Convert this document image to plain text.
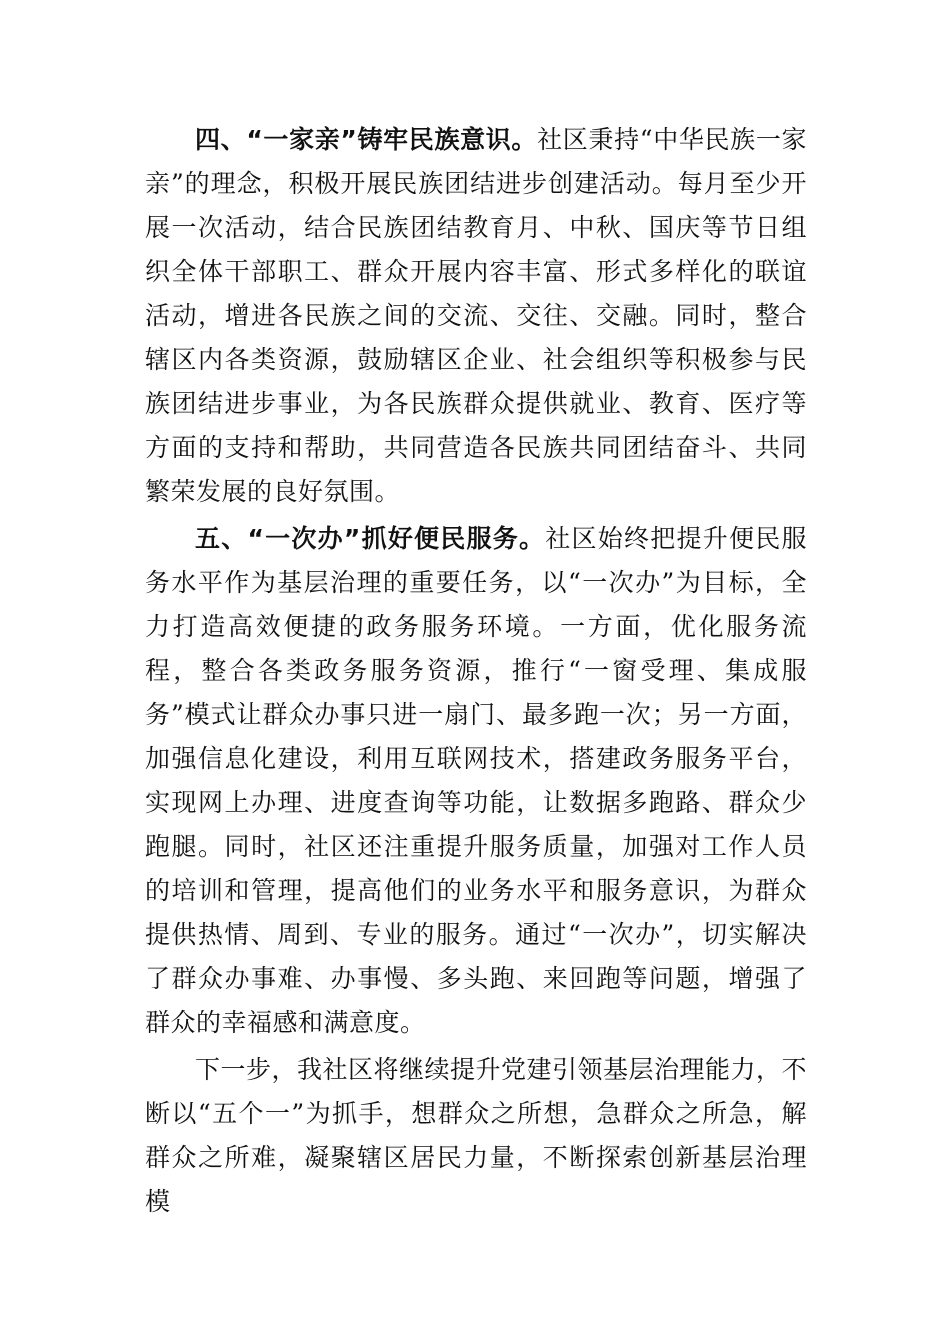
四、“一家亲”铸牢民族意识。社区秉持“中华民族一家亲”的理念，积极开展民族团结进步创建活动。每月至少开展一次活动，结合民族团结教育月、中秋、国庆等节日组织全体干部职工、群众开展内容丰富、形式多样化的联谊活动，增进各民族之间的交流、交往、交融。同时，整合辖区内各类资源，鼓励辖区企业、社会组织等积极参与民族团结进步事业，为各民族群众提供就业、教育、医疗等方面的支持和帮助，共同营造各民族共同团结奋斗、共同繁荣发展的良好氛围。

五、“一次办”抓好便民服务。社区始终把提升便民服务水平作为基层治理的重要任务，以“一次办”为目标，全力打造高效便捷的政务服务环境。一方面，优化服务流程，整合各类政务服务资源，推行“一窗受理、集成服务”模式让群众办事只进一扇门、最多跑一次；另一方面，加强信息化建设，利用互联网技术，搭建政务服务平台，实现网上办理、进度查询等功能，让数据多跑路、群众少跑腿。同时，社区还注重提升服务质量，加强对工作人员的培训和管理，提高他们的业务水平和服务意识，为群众提供热情、周到、专业的服务。通过“一次办”，切实解决了群众办事难、办事慢、多头跑、来回跑等问题，增强了群众的幸福感和满意度。

下一步，我社区将继续提升党建引领基层治理能力，不断以“五个一”为抓手，想群众之所想，急群众之所急，解群众之所难，凝聚辖区居民力量，不断探索创新基层治理模
